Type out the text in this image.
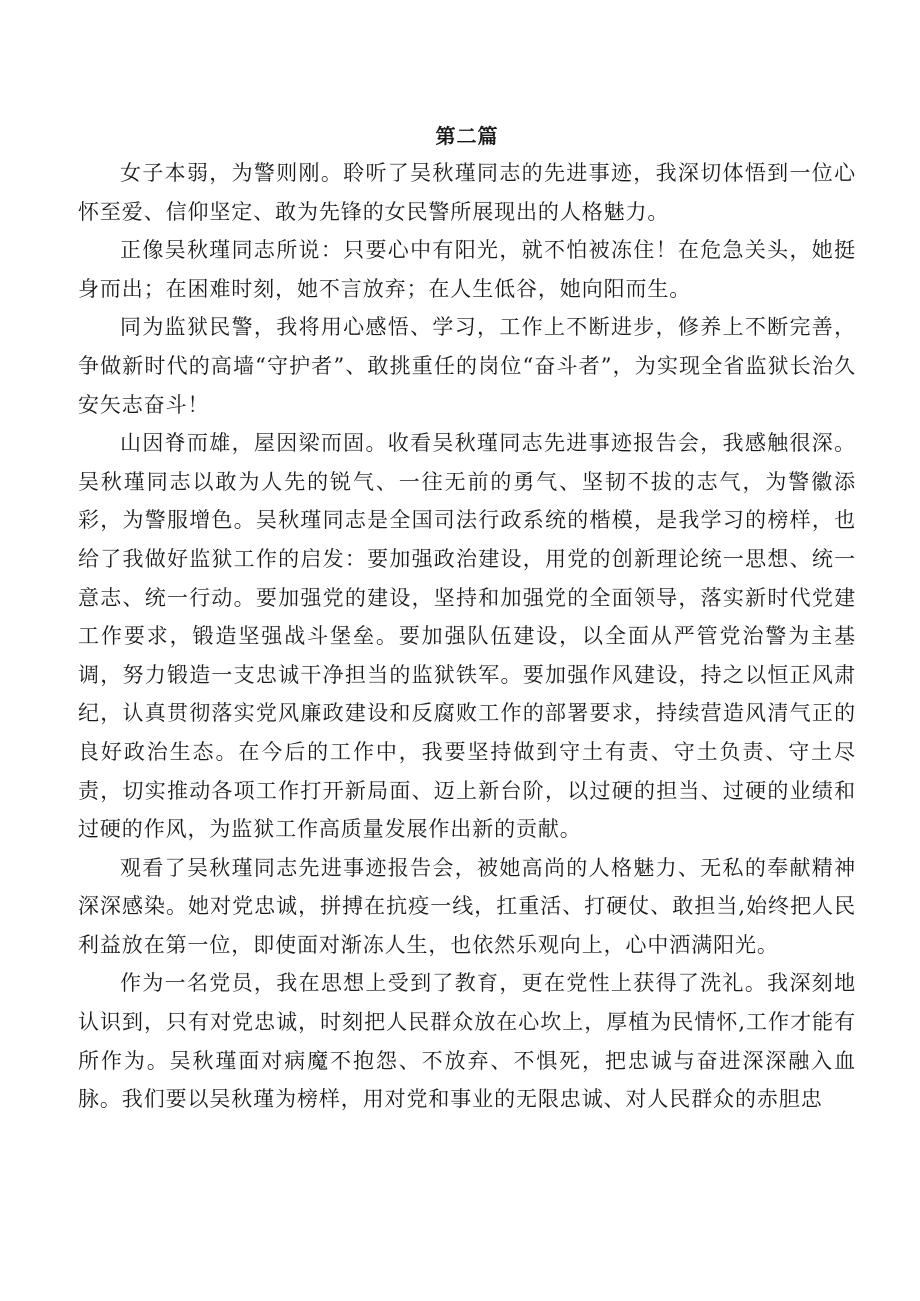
第二篇

女子本弱，为警则刚。聆听了吴秋瑾同志的先进事迹，我深切体悟到一位心怀至爱、信仰坚定、敢为先锋的女民警所展现出的人格魅力。

正像吴秋瑾同志所说：只要心中有阳光，就不怕被冻住！在危急关头，她挺身而出；在困难时刻，她不言放弃；在人生低谷，她向阳而生。

同为监狱民警，我将用心感悟、学习，工作上不断进步，修养上不断完善，争做新时代的高墙“守护者”、敢挑重任的岗位“奋斗者”，为实现全省监狱长治久安矢志奋斗！

山因脊而雄，屋因梁而固。收看吴秋瑾同志先进事迹报告会，我感触很深。吴秋瑾同志以敢为人先的锐气、一往无前的勇气、坚韧不拔的志气，为警徽添彩，为警服增色。吴秋瑾同志是全国司法行政系统的楷模，是我学习的榜样，也给了我做好监狱工作的启发：要加强政治建设，用党的创新理论统一思想、统一意志、统一行动。要加强党的建设，坚持和加强党的全面领导，落实新时代党建工作要求，锻造坚强战斗堡垒。要加强队伍建设，以全面从严管党治警为主基调，努力锻造一支忠诚干净担当的监狱铁军。要加强作风建设，持之以恒正风肃纪，认真贯彻落实党风廉政建设和反腐败工作的部署要求，持续营造风清气正的良好政治生态。在今后的工作中，我要坚持做到守土有责、守土负责、守土尽责，切实推动各项工作打开新局面、迈上新台阶，以过硬的担当、过硬的业绩和过硬的作风，为监狱工作高质量发展作出新的贡献。

观看了吴秋瑾同志先进事迹报告会，被她高尚的人格魅力、无私的奉献精神深深感染。她对党忠诚，拼搏在抗疫一线，扛重活、打硬仗、敢担当,始终把人民利益放在第一位，即使面对渐冻人生，也依然乐观向上，心中洒满阳光。

作为一名党员，我在思想上受到了教育，更在党性上获得了洗礼。我深刻地认识到，只有对党忠诚，时刻把人民群众放在心坎上，厚植为民情怀,工作才能有所作为。吴秋瑾面对病魔不抱怨、不放弃、不惧死，把忠诚与奋进深深融入血脉。我们要以吴秋瑾为榜样，用对党和事业的无限忠诚、对人民群众的赤胆忠
